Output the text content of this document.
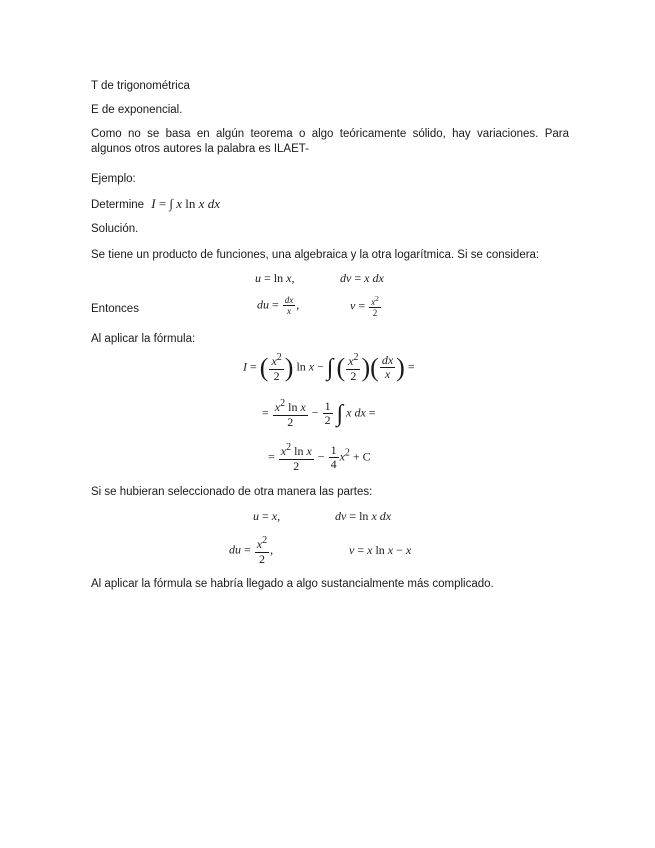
T de trigonométrica
E de exponencial.
Como no se basa en algún teorema o algo teóricamente sólido, hay variaciones. Para algunos otros autores la palabra es ILAET-
Ejemplo:
Determine I = ∫ x ln x dx
Solución.
Se tiene un producto de funciones, una algebraica y la otra logarítmica. Si se considera:
u = ln x,	dv = x dx
Entonces	du = $\frac{dx}{x}$ ,	$v = \frac{x^2}{2}$
Al aplicar la fórmula:
I = ( $\frac{x^2}{2}$ ) ln x − ∫ ( $\frac{x^2}{2}$ )( $\frac{dx}{x}$ ) =
= $\frac{x^2 \ln x}{2} - \frac{1}{2}$ ∫ x dx =
= $\frac{x^2 \ln x}{2} - \frac{1}{4} x^2 + C$
Si se hubieran seleccionado de otra manera las partes:
u = x,	dv = ln x dx
du = $\frac{x^2}{2}$ ,	v = x ln x − x
Al aplicar la fórmula se habría llegado a algo sustancialmente más complicado.
